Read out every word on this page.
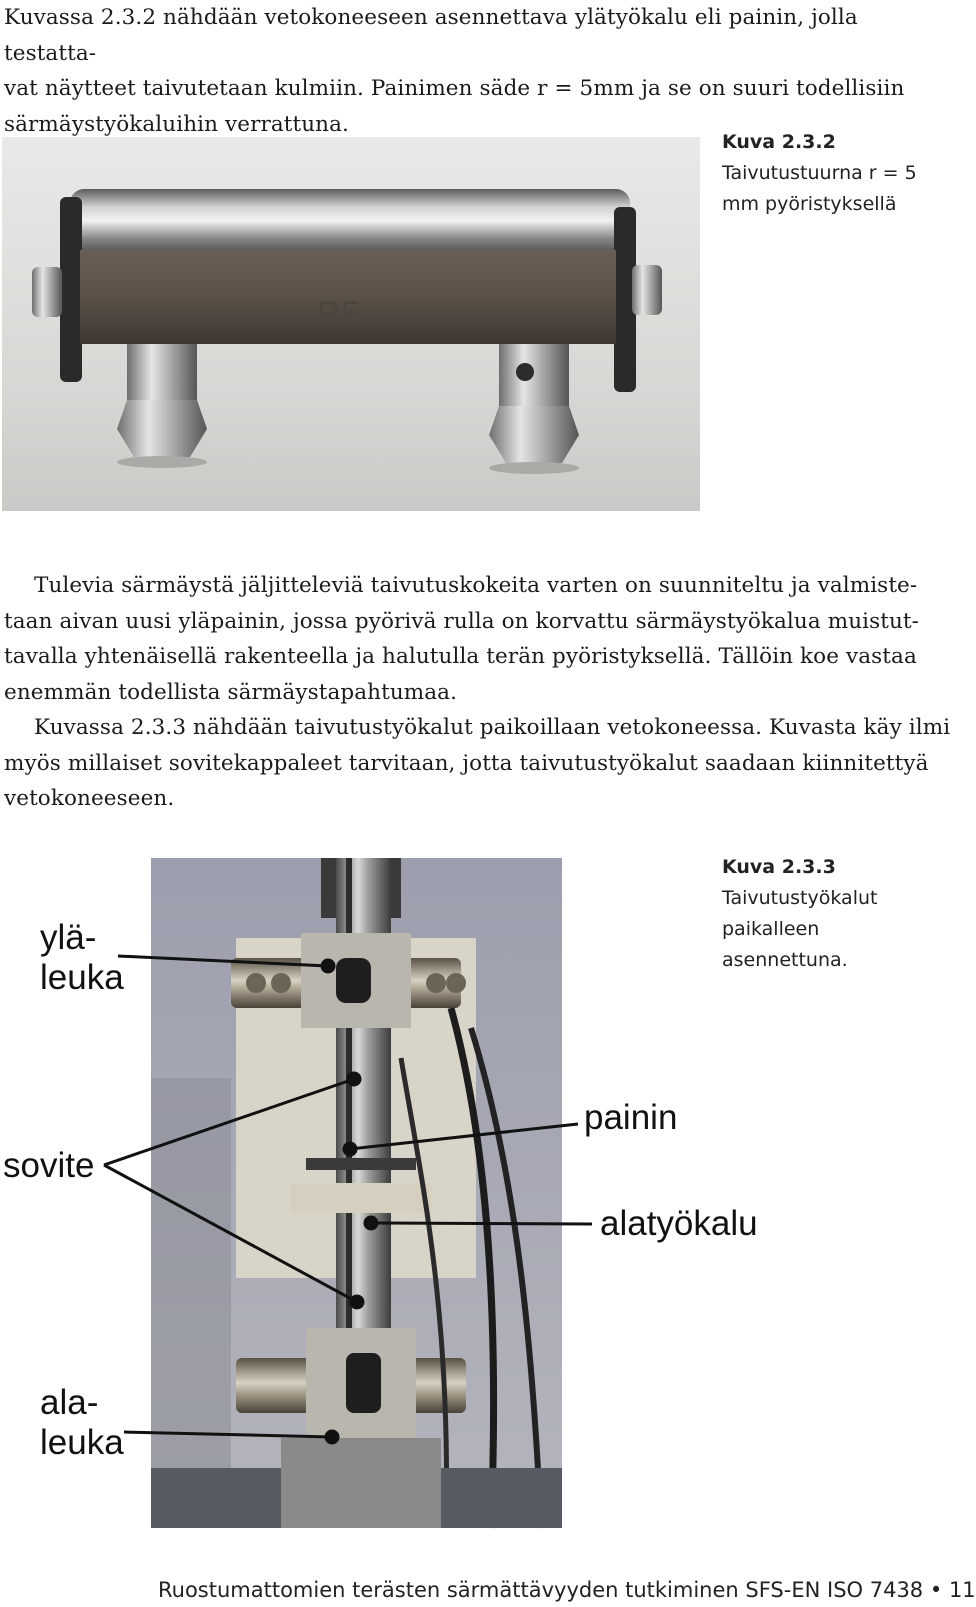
Kuvassa 2.3.2 nähdään vetokoneeseen asennettava ylätyökalu eli painin, jolla testatta-
vat näytteet taivutetaan kulmiin. Painimen säde r = 5mm ja se on suuri todellisiin
särmäystyökaluihin verrattuna.
R5
Kuva 2.3.2
Taivutustuurna r = 5
mm pyöristyksellä
Tulevia särmäystä jäljitteleviä taivutuskokeita varten on suunniteltu ja valmiste-
taan aivan uusi yläpainin, jossa pyörivä rulla on korvattu särmäystyökalua muistut-
tavalla yhtenäisellä rakenteella ja halutulla terän pyöristyksellä. Tällöin koe vastaa
enemmän todellista särmäystapahtumaa.
Kuvassa 2.3.3 nähdään taivutustyökalut paikoillaan vetokoneessa. Kuvasta käy ilmi
myös millaiset sovitekappaleet tarvitaan, jotta taivutustyökalut saadaan kiinnitettyä
vetokoneeseen.
ylä-
leuka
painin
sovite
alatyökalu
ala-
leuka
Kuva 2.3.3
Taivutustyökalut
paikalleen
asennettuna.
Ruostumattomien terästen särmättävyyden tutkiminen SFS-EN ISO 7438 • 11
